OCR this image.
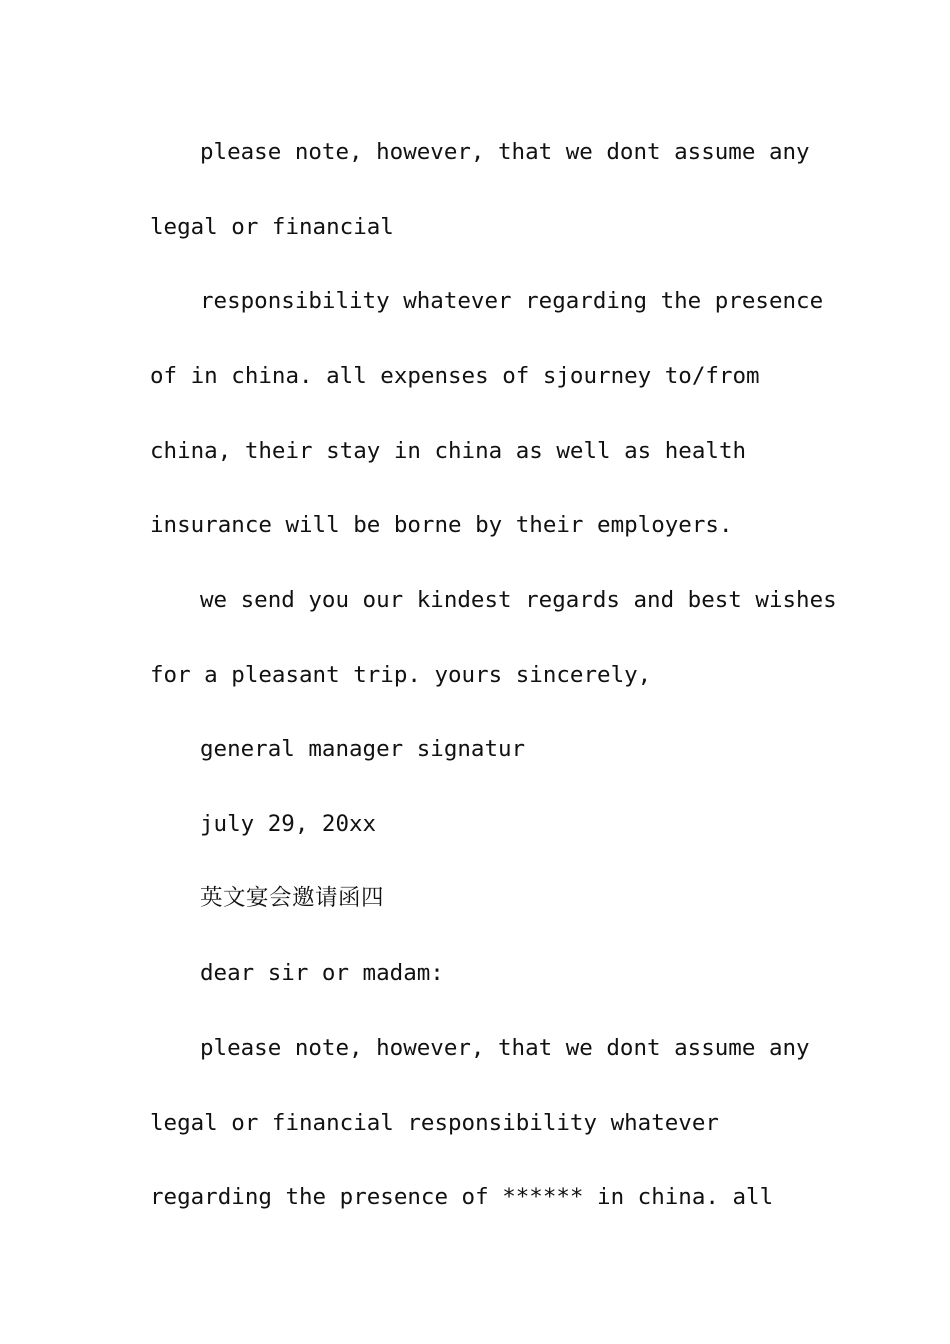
please note, however, that we dont assume any
legal or financial
responsibility whatever regarding the presence
of in china. all expenses of sjourney to/from
china, their stay in china as well as health
insurance will be borne by their employers.
we send you our kindest regards and best wishes
for a pleasant trip. yours sincerely,
general manager signatur
july 29, 20xx
英文宴会邀请函四
dear sir or madam:
please note, however, that we dont assume any
legal or financial responsibility whatever
regarding the presence of ****** in china. all
